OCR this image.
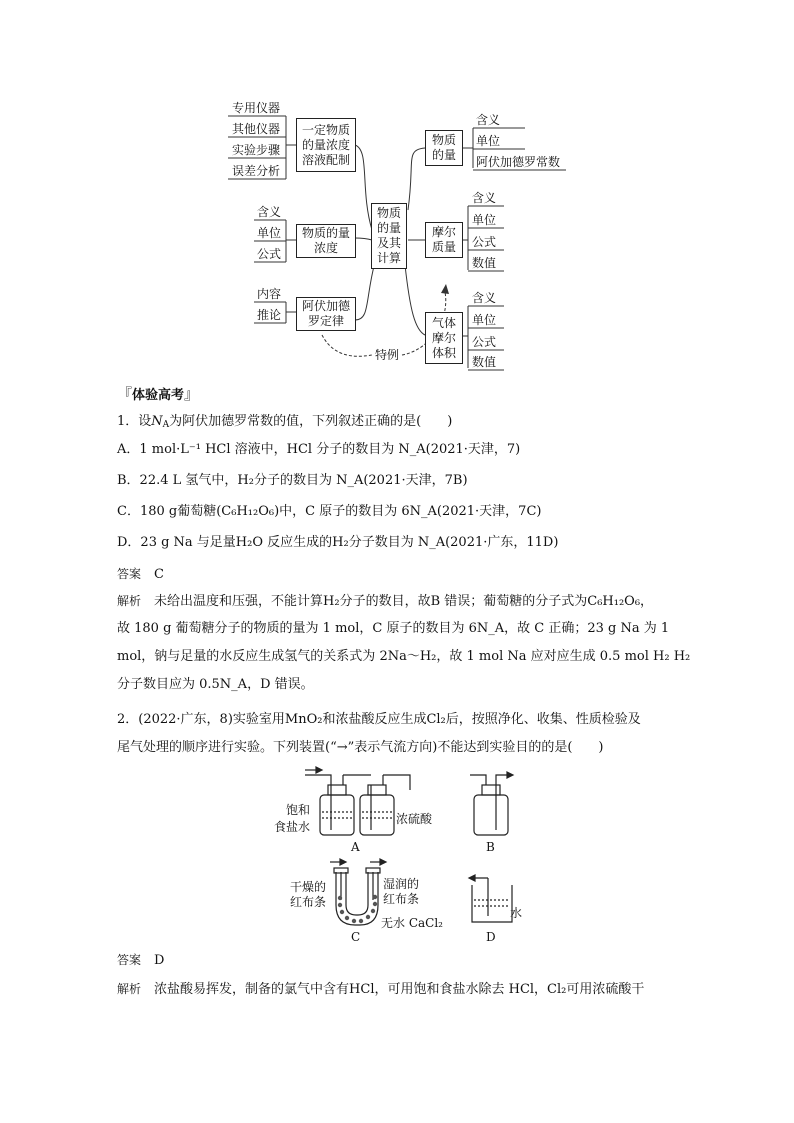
物质
的量
及其
计算
一定物质
的量浓度
溶液配制
专用仪器
其他仪器
实验步骤
误差分析
物质的量
浓度
含义
单位
公式
阿伏加德
罗定律
内容
推论
物质
的量
含义
单位
阿伏加德罗常数
摩尔
质量
含义
单位
公式
数值
气体
摩尔
体积
含义
单位
公式
数值
特例
『体验高考』
1．设$N_A$为阿伏加德罗常数的值，下列叙述正确的是(　　)
A．1 mol·L⁻¹ HCl 溶液中，HCl 分子的数目为 N_A(2021·天津，7)
B．22.4 L 氢气中，H₂分子的数目为 N_A(2021·天津，7B)
C．180 g葡萄糖(C₆H₁₂O₆)中，C 原子的数目为 6N_A(2021·天津，7C)
D．23 g Na 与足量H₂O 反应生成的H₂分子数目为 N_A(2021·广东，11D)
答案　 C
解析　 未给出温度和压强，不能计算H₂分子的数目，故B 错误；葡萄糖的分子式为C₆H₁₂O₆，
故 180 g 葡萄糖分子的物质的量为 1 mol，C 原子的数目为 6N_A，故 C 正确；23 g Na 为 1
mol，钠与足量的水反应生成氢气的关系式为 2Na～H₂，故 1 mol Na 应对应生成 0.5 mol H₂ H₂
分子数目应为 0.5N_A，D 错误。
2．(2022·广东，8)实验室用MnO₂和浓盐酸反应生成Cl₂后，按照净化、收集、性质检验及
尾气处理的顺序进行实验。下列装置(“→”表示气流方向)不能达到实验目的的是(　　)
饱和
食盐水
浓硫酸
A	B
干燥的
红布条
湿润的
红布条
无水 CaCl₂
C
水
D
答案　 D
解析　 浓盐酸易挥发，制备的氯气中含有HCl，可用饱和食盐水除去 HCl，Cl₂可用浓硫酸干
